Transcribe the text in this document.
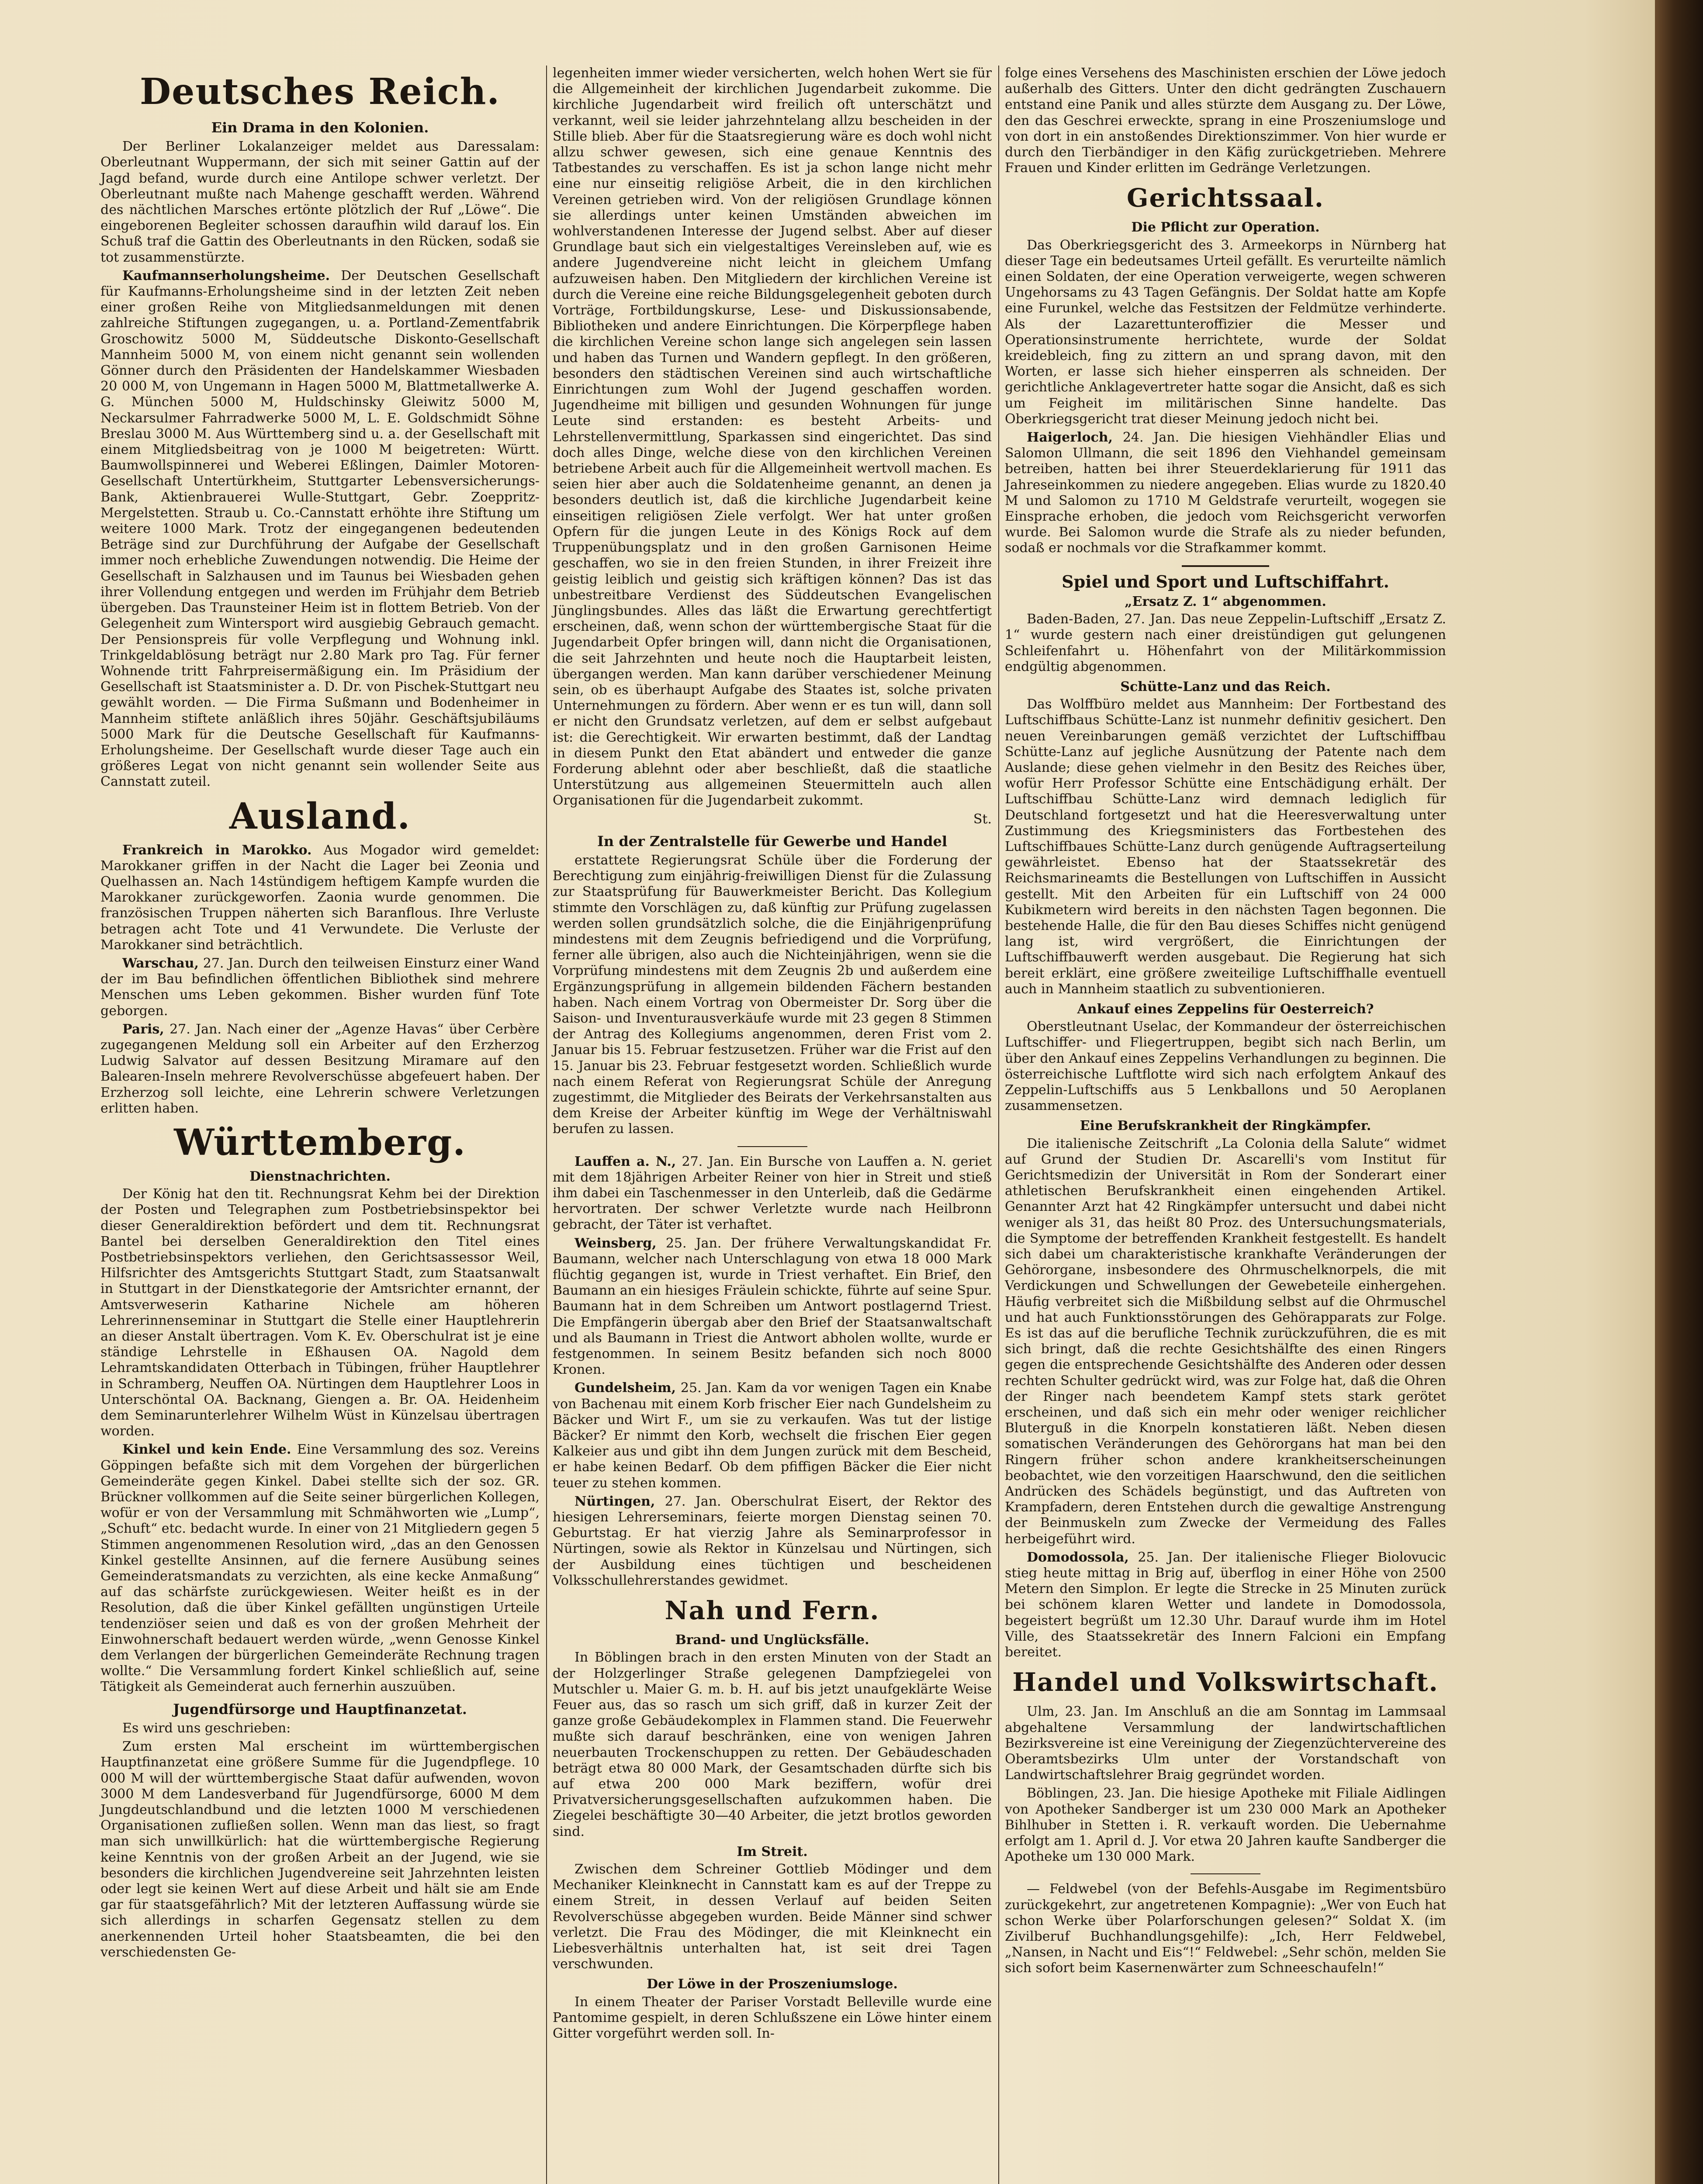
Deutsches Reich.
Ein Drama in den Kolonien.

Der Berliner Lokalanzeiger meldet aus Daressalam: Oberleutnant Wuppermann, der sich mit seiner Gattin auf der Jagd befand, wurde durch eine Antilope schwer verletzt. Der Oberleutnant mußte nach Mahenge geschafft werden. Während des nächtlichen Marsches ertönte plötzlich der Ruf „Löwe“. Die eingeborenen Begleiter schossen daraufhin wild darauf los. Ein Schuß traf die Gattin des Oberleutnants in den Rücken, sodaß sie tot zusammenstürzte.

Kaufmannserholungsheime. Der Deutschen Gesellschaft für Kaufmanns-Erholungsheime sind in der letzten Zeit neben einer großen Reihe von Mitgliedsanmeldungen mit denen zahlreiche Stiftungen zugegangen, u. a. Portland-Zementfabrik Groschowitz 5000 M, Süddeutsche Diskonto-Gesellschaft Mannheim 5000 M, von einem nicht genannt sein wollenden Gönner durch den Präsidenten der Handelskammer Wiesbaden 20 000 M, von Ungemann in Hagen 5000 M, Blattmetallwerke A. G. München 5000 M, Huldschinsky Gleiwitz 5000 M, Neckarsulmer Fahrradwerke 5000 M, L. E. Goldschmidt Söhne Breslau 3000 M. Aus Württemberg sind u. a. der Gesellschaft mit einem Mitgliedsbeitrag von je 1000 M beigetreten: Württ. Baumwollspinnerei und Weberei Eßlingen, Daimler Motoren-Gesellschaft Untertürkheim, Stuttgarter Lebensversicherungs-Bank, Aktienbrauerei Wulle-Stuttgart, Gebr. Zoeppritz-Mergelstetten. Straub u. Co.-Cannstatt erhöhte ihre Stiftung um weitere 1000 Mark. Trotz der eingegangenen bedeutenden Beträge sind zur Durchführung der Aufgabe der Gesellschaft immer noch erhebliche Zuwendungen notwendig. Die Heime der Gesellschaft in Salzhausen und im Taunus bei Wiesbaden gehen ihrer Vollendung entgegen und werden im Frühjahr dem Betrieb übergeben. Das Traunsteiner Heim ist in flottem Betrieb. Von der Gelegenheit zum Wintersport wird ausgiebig Gebrauch gemacht. Der Pensionspreis für volle Verpflegung und Wohnung inkl. Trinkgeldablösung beträgt nur 2.80 Mark pro Tag. Für ferner Wohnende tritt Fahrpreisermäßigung ein. Im Präsidium der Gesellschaft ist Staatsminister a. D. Dr. von Pischek-Stuttgart neu gewählt worden. — Die Firma Sußmann und Bodenheimer in Mannheim stiftete anläßlich ihres 50jähr. Geschäftsjubiläums 5000 Mark für die Deutsche Gesellschaft für Kaufmanns-Erholungsheime. Der Gesellschaft wurde dieser Tage auch ein größeres Legat von nicht genannt sein wollender Seite aus Cannstatt zuteil.

Ausland.

Frankreich in Marokko. Aus Mogador wird gemeldet: Marokkaner griffen in der Nacht die Lager bei Zeonia und Quelhassen an. Nach 14stündigem heftigem Kampfe wurden die Marokkaner zurückgeworfen. Zaonia wurde genommen. Die französischen Truppen näherten sich Baranflous. Ihre Verluste betragen acht Tote und 41 Verwundete. Die Verluste der Marokkaner sind beträchtlich.

Warschau, 27. Jan. Durch den teilweisen Einsturz einer Wand der im Bau befindlichen öffentlichen Bibliothek sind mehrere Menschen ums Leben gekommen. Bisher wurden fünf Tote geborgen.

Paris, 27. Jan. Nach einer der „Agenze Havas“ über Cerbère zugegangenen Meldung soll ein Arbeiter auf den Erzherzog Ludwig Salvator auf dessen Besitzung Miramare auf den Balearen-Inseln mehrere Revolverschüsse abgefeuert haben. Der Erzherzog soll leichte, eine Lehrerin schwere Verletzungen erlitten haben.

Württemberg.
Dienstnachrichten.

Der König hat den tit. Rechnungsrat Kehm bei der Direktion der Posten und Telegraphen zum Postbetriebsinspektor bei dieser Generaldirektion befördert und dem tit. Rechnungsrat Bantel bei derselben Generaldirektion den Titel eines Postbetriebsinspektors verliehen, den Gerichtsassessor Weil, Hilfsrichter des Amtsgerichts Stuttgart Stadt, zum Staatsanwalt in Stuttgart in der Dienstkategorie der Amtsrichter ernannt, der Amtsverweserin Katharine Nichele am höheren Lehrerinnenseminar in Stuttgart die Stelle einer Hauptlehrerin an dieser Anstalt übertragen. Vom K. Ev. Oberschulrat ist je eine ständige Lehrstelle in Eßhausen OA. Nagold dem Lehramtskandidaten Otterbach in Tübingen, früher Hauptlehrer in Schramberg, Neuffen OA. Nürtingen dem Hauptlehrer Loos in Unterschöntal OA. Backnang, Giengen a. Br. OA. Heidenheim dem Seminarunterlehrer Wilhelm Wüst in Künzelsau übertragen worden.

Kinkel und kein Ende. Eine Versammlung des soz. Vereins Göppingen befaßte sich mit dem Vorgehen der bürgerlichen Gemeinderäte gegen Kinkel. Dabei stellte sich der soz. GR. Brückner vollkommen auf die Seite seiner bürgerlichen Kollegen, wofür er von der Versammlung mit Schmähworten wie „Lump“, „Schuft“ etc. bedacht wurde. In einer von 21 Mitgliedern gegen 5 Stimmen angenommenen Resolution wird, „das an den Genossen Kinkel gestellte Ansinnen, auf die fernere Ausübung seines Gemeinderatsmandats zu verzichten, als eine kecke Anmaßung“ auf das schärfste zurückgewiesen. Weiter heißt es in der Resolution, daß die über Kinkel gefällten ungünstigen Urteile tendenziöser seien und daß es von der großen Mehrheit der Einwohnerschaft bedauert werden würde, „wenn Genosse Kinkel dem Verlangen der bürgerlichen Gemeinderäte Rechnung tragen wollte.“ Die Versammlung fordert Kinkel schließlich auf, seine Tätigkeit als Gemeinderat auch fernerhin auszuüben.

Jugendfürsorge und Hauptfinanzetat.

Es wird uns geschrieben:

Zum ersten Mal erscheint im württembergischen Hauptfinanzetat eine größere Summe für die Jugendpflege. 10 000 M will der württembergische Staat dafür aufwenden, wovon 3000 M dem Landesverband für Jugendfürsorge, 6000 M dem Jungdeutschlandbund und die letzten 1000 M verschiedenen Organisationen zufließen sollen. Wenn man das liest, so fragt man sich unwillkürlich: hat die württembergische Regierung keine Kenntnis von der großen Arbeit an der Jugend, wie sie besonders die kirchlichen Jugendvereine seit Jahrzehnten leisten oder legt sie keinen Wert auf diese Arbeit und hält sie am Ende gar für staatsgefährlich? Mit der letzteren Auffassung würde sie sich allerdings in scharfen Gegensatz stellen zu dem anerkennenden Urteil hoher Staatsbeamten, die bei den verschiedensten Ge-

legenheiten immer wieder versicherten, welch hohen Wert sie für die Allgemeinheit der kirchlichen Jugendarbeit zukomme. Die kirchliche Jugendarbeit wird freilich oft unterschätzt und verkannt, weil sie leider jahrzehntelang allzu bescheiden in der Stille blieb. Aber für die Staatsregierung wäre es doch wohl nicht allzu schwer gewesen, sich eine genaue Kenntnis des Tatbestandes zu verschaffen. Es ist ja schon lange nicht mehr eine nur einseitig religiöse Arbeit, die in den kirchlichen Vereinen getrieben wird. Von der religiösen Grundlage können sie allerdings unter keinen Umständen abweichen im wohlverstandenen Interesse der Jugend selbst. Aber auf dieser Grundlage baut sich ein vielgestaltiges Vereinsleben auf, wie es andere Jugendvereine nicht leicht in gleichem Umfang aufzuweisen haben. Den Mitgliedern der kirchlichen Vereine ist durch die Vereine eine reiche Bildungsgelegenheit geboten durch Vorträge, Fortbildungskurse, Lese- und Diskussionsabende, Bibliotheken und andere Einrichtungen. Die Körperpflege haben die kirchlichen Vereine schon lange sich angelegen sein lassen und haben das Turnen und Wandern gepflegt. In den größeren, besonders den städtischen Vereinen sind auch wirtschaftliche Einrichtungen zum Wohl der Jugend geschaffen worden. Jugendheime mit billigen und gesunden Wohnungen für junge Leute sind erstanden: es besteht Arbeits- und Lehrstellenvermittlung, Sparkassen sind eingerichtet. Das sind doch alles Dinge, welche diese von den kirchlichen Vereinen betriebene Arbeit auch für die Allgemeinheit wertvoll machen. Es seien hier aber auch die Soldatenheime genannt, an denen ja besonders deutlich ist, daß die kirchliche Jugendarbeit keine einseitigen religiösen Ziele verfolgt. Wer hat unter großen Opfern für die jungen Leute in des Königs Rock auf dem Truppenübungsplatz und in den großen Garnisonen Heime geschaffen, wo sie in den freien Stunden, in ihrer Freizeit ihre geistig leiblich und geistig sich kräftigen können? Das ist das unbestreitbare Verdienst des Süddeutschen Evangelischen Jünglingsbundes. Alles das läßt die Erwartung gerechtfertigt erscheinen, daß, wenn schon der württembergische Staat für die Jugendarbeit Opfer bringen will, dann nicht die Organisationen, die seit Jahrzehnten und heute noch die Hauptarbeit leisten, übergangen werden. Man kann darüber verschiedener Meinung sein, ob es überhaupt Aufgabe des Staates ist, solche privaten Unternehmungen zu fördern. Aber wenn er es tun will, dann soll er nicht den Grundsatz verletzen, auf dem er selbst aufgebaut ist: die Gerechtigkeit. Wir erwarten bestimmt, daß der Landtag in diesem Punkt den Etat abändert und entweder die ganze Forderung ablehnt oder aber beschließt, daß die staatliche Unterstützung aus allgemeinen Steuermitteln auch allen Organisationen für die Jugendarbeit zukommt.

St.
In der Zentralstelle für Gewerbe und Handel

erstattete Regierungsrat Schüle über die Forderung der Berechtigung zum einjährig-freiwilligen Dienst für die Zulassung zur Staatsprüfung für Bauwerkmeister Bericht. Das Kollegium stimmte den Vorschlägen zu, daß künftig zur Prüfung zugelassen werden sollen grundsätzlich solche, die die Einjährigenprüfung mindestens mit dem Zeugnis befriedigend und die Vorprüfung, ferner alle übrigen, also auch die Nichteinjährigen, wenn sie die Vorprüfung mindestens mit dem Zeugnis 2b und außerdem eine Ergänzungsprüfung in allgemein bildenden Fächern bestanden haben. Nach einem Vortrag von Obermeister Dr. Sorg über die Saison- und Inventurausverkäufe wurde mit 23 gegen 8 Stimmen der Antrag des Kollegiums angenommen, deren Frist vom 2. Januar bis 15. Februar festzusetzen. Früher war die Frist auf den 15. Januar bis 23. Februar festgesetzt worden. Schließlich wurde nach einem Referat von Regierungsrat Schüle der Anregung zugestimmt, die Mitglieder des Beirats der Verkehrsanstalten aus dem Kreise der Arbeiter künftig im Wege der Verhältniswahl berufen zu lassen.

Lauffen a. N., 27. Jan. Ein Bursche von Lauffen a. N. geriet mit dem 18jährigen Arbeiter Reiner von hier in Streit und stieß ihm dabei ein Taschenmesser in den Unterleib, daß die Gedärme hervortraten. Der schwer Verletzte wurde nach Heilbronn gebracht, der Täter ist verhaftet.

Weinsberg, 25. Jan. Der frühere Verwaltungskandidat Fr. Baumann, welcher nach Unterschlagung von etwa 18 000 Mark flüchtig gegangen ist, wurde in Triest verhaftet. Ein Brief, den Baumann an ein hiesiges Fräulein schickte, führte auf seine Spur. Baumann hat in dem Schreiben um Antwort postlagernd Triest. Die Empfängerin übergab aber den Brief der Staatsanwaltschaft und als Baumann in Triest die Antwort abholen wollte, wurde er festgenommen. In seinem Besitz befanden sich noch 8000 Kronen.

Gundelsheim, 25. Jan. Kam da vor wenigen Tagen ein Knabe von Bachenau mit einem Korb frischer Eier nach Gundelsheim zu Bäcker und Wirt F., um sie zu verkaufen. Was tut der listige Bäcker? Er nimmt den Korb, wechselt die frischen Eier gegen Kalkeier aus und gibt ihn dem Jungen zurück mit dem Bescheid, er habe keinen Bedarf. Ob dem pfiffigen Bäcker die Eier nicht teuer zu stehen kommen.

Nürtingen, 27. Jan. Oberschulrat Eisert, der Rektor des hiesigen Lehrerseminars, feierte morgen Dienstag seinen 70. Geburtstag. Er hat vierzig Jahre als Seminarprofessor in Nürtingen, sowie als Rektor in Künzelsau und Nürtingen, sich der Ausbildung eines tüchtigen und bescheidenen Volksschullehrerstandes gewidmet.

Nah und Fern.
Brand- und Unglücksfälle.

In Böblingen brach in den ersten Minuten von der Stadt an der Holzgerlinger Straße gelegenen Dampfziegelei von Mutschler u. Maier G. m. b. H. auf bis jetzt unaufgeklärte Weise Feuer aus, das so rasch um sich griff, daß in kurzer Zeit der ganze große Gebäudekomplex in Flammen stand. Die Feuerwehr mußte sich darauf beschränken, eine von wenigen Jahren neuerbauten Trockenschuppen zu retten. Der Gebäudeschaden beträgt etwa 80 000 Mark, der Gesamtschaden dürfte sich bis auf etwa 200 000 Mark beziffern, wofür drei Privatversicherungsgesellschaften aufzukommen haben. Die Ziegelei beschäftigte 30—40 Arbeiter, die jetzt brotlos geworden sind.

Im Streit.

Zwischen dem Schreiner Gottlieb Mödinger und dem Mechaniker Kleinknecht in Cannstatt kam es auf der Treppe zu einem Streit, in dessen Verlauf auf beiden Seiten Revolverschüsse abgegeben wurden. Beide Männer sind schwer verletzt. Die Frau des Mödinger, die mit Kleinknecht ein Liebesverhältnis unterhalten hat, ist seit drei Tagen verschwunden.

Der Löwe in der Proszeniumsloge.

In einem Theater der Pariser Vorstadt Belleville wurde eine Pantomime gespielt, in deren Schlußszene ein Löwe hinter einem Gitter vorgeführt werden soll. In-

folge eines Versehens des Maschinisten erschien der Löwe jedoch außerhalb des Gitters. Unter den dicht gedrängten Zuschauern entstand eine Panik und alles stürzte dem Ausgang zu. Der Löwe, den das Geschrei erweckte, sprang in eine Proszeniumsloge und von dort in ein anstoßendes Direktionszimmer. Von hier wurde er durch den Tierbändiger in den Käfig zurückgetrieben. Mehrere Frauen und Kinder erlitten im Gedränge Verletzungen.

Gerichtssaal.
Die Pflicht zur Operation.

Das Oberkriegsgericht des 3. Armeekorps in Nürnberg hat dieser Tage ein bedeutsames Urteil gefällt. Es verurteilte nämlich einen Soldaten, der eine Operation verweigerte, wegen schweren Ungehorsams zu 43 Tagen Gefängnis. Der Soldat hatte am Kopfe eine Furunkel, welche das Festsitzen der Feldmütze verhinderte. Als der Lazarettunteroffizier die Messer und Operationsinstrumente herrichtete, wurde der Soldat kreidebleich, fing zu zittern an und sprang davon, mit den Worten, er lasse sich hieher einsperren als schneiden. Der gerichtliche Anklagevertreter hatte sogar die Ansicht, daß es sich um Feigheit im militärischen Sinne handelte. Das Oberkriegsgericht trat dieser Meinung jedoch nicht bei.

Haigerloch, 24. Jan. Die hiesigen Viehhändler Elias und Salomon Ullmann, die seit 1896 den Viehhandel gemeinsam betreiben, hatten bei ihrer Steuerdeklarierung für 1911 das Jahreseinkommen zu niedere angegeben. Elias wurde zu 1820.40 M und Salomon zu 1710 M Geldstrafe verurteilt, wogegen sie Einsprache erhoben, die jedoch vom Reichsgericht verworfen wurde. Bei Salomon wurde die Strafe als zu nieder befunden, sodaß er nochmals vor die Strafkammer kommt.

Spiel und Sport und Luftschiffahrt.
„Ersatz Z. 1“ abgenommen.

Baden-Baden, 27. Jan. Das neue Zeppelin-Luftschiff „Ersatz Z. 1“ wurde gestern nach einer dreistündigen gut gelungenen Schleifenfahrt u. Höhenfahrt von der Militärkommission endgültig abgenommen.

Schütte-Lanz und das Reich.

Das Wolffbüro meldet aus Mannheim: Der Fortbestand des Luftschiffbaus Schütte-Lanz ist nunmehr definitiv gesichert. Den neuen Vereinbarungen gemäß verzichtet der Luftschiffbau Schütte-Lanz auf jegliche Ausnützung der Patente nach dem Auslande; diese gehen vielmehr in den Besitz des Reiches über, wofür Herr Professor Schütte eine Entschädigung erhält. Der Luftschiffbau Schütte-Lanz wird demnach lediglich für Deutschland fortgesetzt und hat die Heeresverwaltung unter Zustimmung des Kriegsministers das Fortbestehen des Luftschiffbaues Schütte-Lanz durch genügende Auftragserteilung gewährleistet. Ebenso hat der Staatssekretär des Reichsmarineamts die Bestellungen von Luftschiffen in Aussicht gestellt. Mit den Arbeiten für ein Luftschiff von 24 000 Kubikmetern wird bereits in den nächsten Tagen begonnen. Die bestehende Halle, die für den Bau dieses Schiffes nicht genügend lang ist, wird vergrößert, die Einrichtungen der Luftschiffbauwerft werden ausgebaut. Die Regierung hat sich bereit erklärt, eine größere zweiteilige Luftschiffhalle eventuell auch in Mannheim staatlich zu subventionieren.

Ankauf eines Zeppelins für Oesterreich?

Oberstleutnant Uselac, der Kommandeur der österreichischen Luftschiffer- und Fliegertruppen, begibt sich nach Berlin, um über den Ankauf eines Zeppelins Verhandlungen zu beginnen. Die österreichische Luftflotte wird sich nach erfolgtem Ankauf des Zeppelin-Luftschiffs aus 5 Lenkballons und 50 Aeroplanen zusammensetzen.

Eine Berufskrankheit der Ringkämpfer.

Die italienische Zeitschrift „La Colonia della Salute“ widmet auf Grund der Studien Dr. Ascarelli's vom Institut für Gerichtsmedizin der Universität in Rom der Sonderart einer athletischen Berufskrankheit einen eingehenden Artikel. Genannter Arzt hat 42 Ringkämpfer untersucht und dabei nicht weniger als 31, das heißt 80 Proz. des Untersuchungsmaterials, die Symptome der betreffenden Krankheit festgestellt. Es handelt sich dabei um charakteristische krankhafte Veränderungen der Gehörorgane, insbesondere des Ohrmuschelknorpels, die mit Verdickungen und Schwellungen der Gewebeteile einhergehen. Häufig verbreitet sich die Mißbildung selbst auf die Ohrmuschel und hat auch Funktionsstörungen des Gehörapparats zur Folge. Es ist das auf die berufliche Technik zurückzuführen, die es mit sich bringt, daß die rechte Gesichtshälfte des einen Ringers gegen die entsprechende Gesichtshälfte des Anderen oder dessen rechten Schulter gedrückt wird, was zur Folge hat, daß die Ohren der Ringer nach beendetem Kampf stets stark gerötet erscheinen, und daß sich ein mehr oder weniger reichlicher Bluterguß in die Knorpeln konstatieren läßt. Neben diesen somatischen Veränderungen des Gehörorgans hat man bei den Ringern früher schon andere krankheitserscheinungen beobachtet, wie den vorzeitigen Haarschwund, den die seitlichen Andrücken des Schädels begünstigt, und das Auftreten von Krampfadern, deren Entstehen durch die gewaltige Anstrengung der Beinmuskeln zum Zwecke der Vermeidung des Falles herbeigeführt wird.

Domodossola, 25. Jan. Der italienische Flieger Biolovucic stieg heute mittag in Brig auf, überflog in einer Höhe von 2500 Metern den Simplon. Er legte die Strecke in 25 Minuten zurück bei schönem klaren Wetter und landete in Domodossola, begeistert begrüßt um 12.30 Uhr. Darauf wurde ihm im Hotel Ville, des Staatssekretär des Innern Falcioni ein Empfang bereitet.

Handel und Volkswirtschaft.

Ulm, 23. Jan. Im Anschluß an die am Sonntag im Lammsaal abgehaltene Versammlung der landwirtschaftlichen Bezirksvereine ist eine Vereinigung der Ziegenzüchtervereine des Oberamtsbezirks Ulm unter der Vorstandschaft von Landwirtschaftslehrer Braig gegründet worden.

Böblingen, 23. Jan. Die hiesige Apotheke mit Filiale Aidlingen von Apotheker Sandberger ist um 230 000 Mark an Apotheker Bihlhuber in Stetten i. R. verkauft worden. Die Uebernahme erfolgt am 1. April d. J. Vor etwa 20 Jahren kaufte Sandberger die Apotheke um 130 000 Mark.

— Feldwebel (von der Befehls-Ausgabe im Regimentsbüro zurückgekehrt, zur angetretenen Kompagnie): „Wer von Euch hat schon Werke über Polarforschungen gelesen?“ Soldat X. (im Zivilberuf Buchhandlungsgehilfe): „Ich, Herr Feldwebel, „Nansen, in Nacht und Eis“!“ Feldwebel: „Sehr schön, melden Sie sich sofort beim Kasernenwärter zum Schneeschaufeln!“
